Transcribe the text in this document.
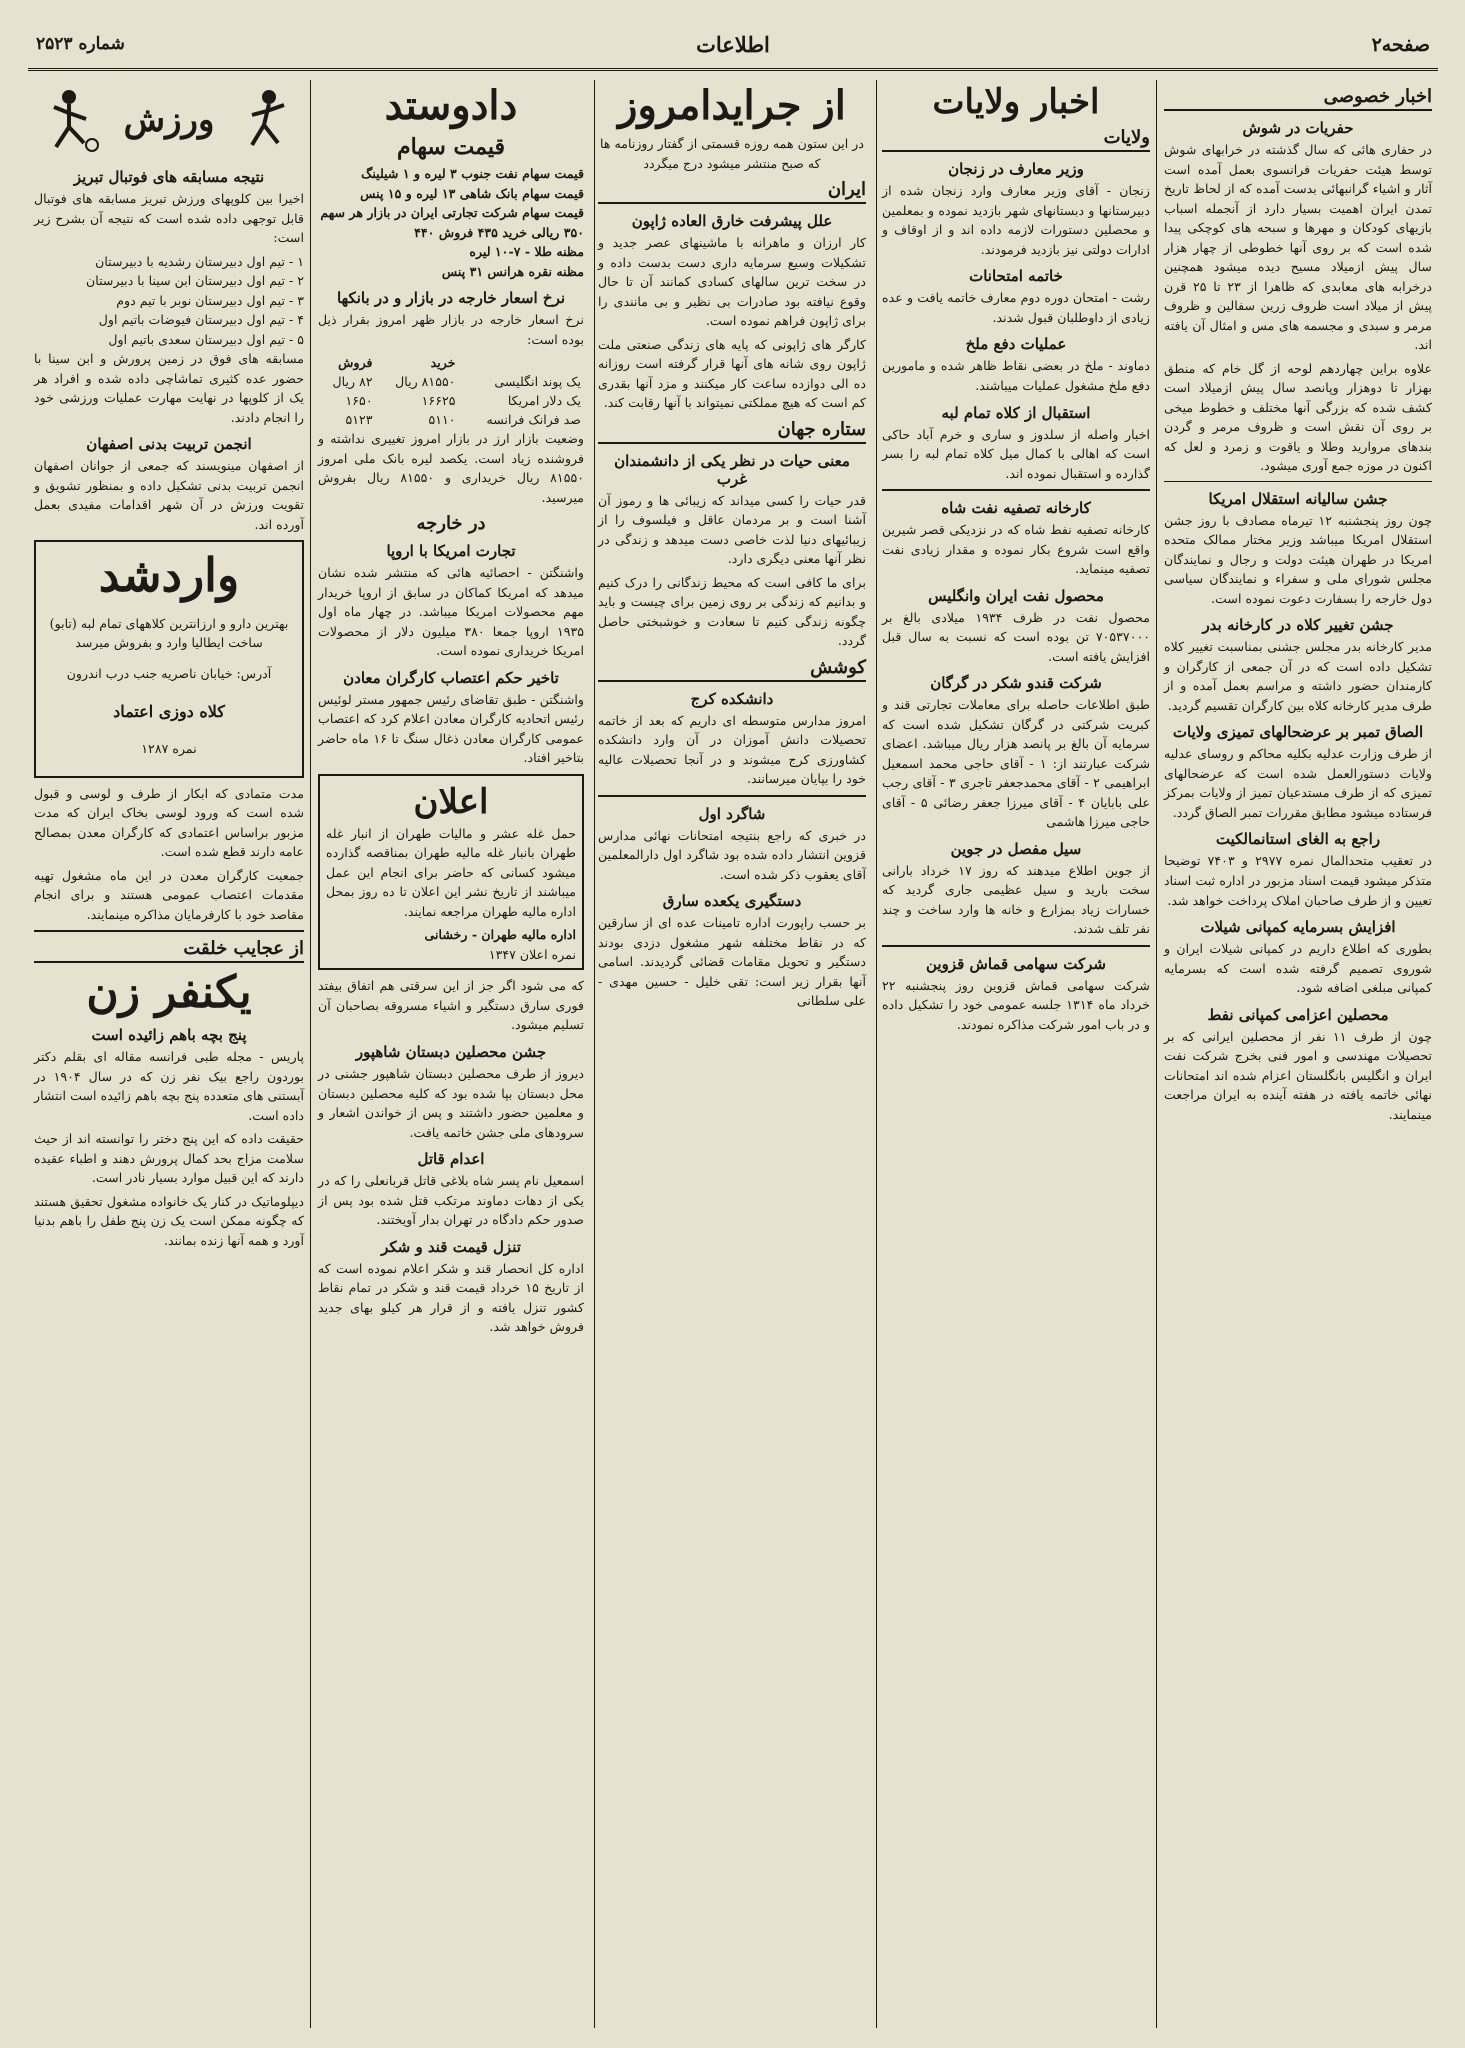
صفحه۲
اطلاعات
شماره ۲۵۲۳
اخبار خصوصی
حفریات در شوش

در حفاری هائی که سال گذشته در خرابهای شوش توسط هیئت حفریات فرانسوی بعمل آمده است آثار و اشیاء گرانبهائی بدست آمده که از لحاظ تاریخ تمدن ایران اهمیت بسیار دارد از آنجمله اسباب بازیهای کودکان و مهرها و سبحه های کوچکی پیدا شده است که بر روی آنها خطوطی از چهار هزار سال پیش ازمیلاد مسیح دیده میشود همچنین درخرابه های معابدی که ظاهرا از ۲۳ تا ۲۵ قرن پیش از میلاد است ظروف زرین سفالین و ظروف مرمر و سبدی و مجسمه های مس و امثال آن یافته اند.

علاوه براین چهاردهم لوحه از گل خام که منطق بهزار تا دوهزار وپانصد سال پیش ازمیلاد است کشف شده که بزرگی آنها مختلف و خطوط میخی بر روی آن نقش است و ظروف مرمر و گردن بندهای مروارید وطلا و یاقوت و زمرد و لعل که اکنون در موزه جمع آوری میشود.

جشن سالیانه استقلال امریکا

چون روز پنجشنبه ۱۲ تیرماه مصادف با روز جشن استقلال امریکا میباشد وزیر مختار ممالک متحده امریکا در طهران هیئت دولت و رجال و نمایندگان مجلس شورای ملی و سفراء و نمایندگان سیاسی دول خارجه را بسفارت دعوت نموده است.

جشن تغییر کلاه در کارخانه بدر

مدیر کارخانه بدر مجلس جشنی بمناسبت تغییر کلاه تشکیل داده است که در آن جمعی از کارگران و کارمندان حضور داشته و مراسم بعمل آمده و از طرف مدیر کارخانه کلاه بین کارگران تقسیم گردید.

الصاق تمبر بر عرضحالهای تمیزی ولایات

از طرف وزارت عدلیه بکلیه محاکم و روسای عدلیه ولایات دستورالعمل شده است که عرضحالهای تمیزی که از طرف مستدعیان تمیز از ولایات بمرکز فرستاده میشود مطابق مقررات تمبر الصاق گردد.

راجع به الغای استانمالکیت

در تعقیب متحدالمال نمره ۲۹۷۷ و ۷۴۰۳ توضیحا متذکر میشود قیمت اسناد مزبور در اداره ثبت اسناد تعیین و از طرف صاحبان املاک پرداخت خواهد شد.

افزایش بسرمایه کمپانی شیلات

بطوری که اطلاع داریم در کمپانی شیلات ایران و شوروی تصمیم گرفته شده است که بسرمایه کمپانی مبلغی اضافه شود.

محصلین اعزامی کمپانی نفط

چون از طرف ۱۱ نفر از محصلین ایرانی که بر تحصیلات مهندسی و امور فنی بخرج شرکت نفت ایران و انگلیس بانگلستان اعزام شده اند امتحانات نهائی خاتمه یافته در هفته آینده به ایران مراجعت مینمایند.

اخبار ولایات
ولایات
وزیر معارف در زنجان

زنجان - آقای وزیر معارف وارد زنجان شده از دبیرستانها و دبستانهای شهر بازدید نموده و بمعلمین و محصلین دستورات لازمه داده اند و از اوقاف و ادارات دولتی نیز بازدید فرمودند.

خاتمه امتحانات

رشت - امتحان دوره دوم معارف خاتمه یافت و عده زیادی از داوطلبان قبول شدند.

عملیات دفع ملخ

دماوند - ملخ در بعضی نقاط ظاهر شده و مامورین دفع ملخ مشغول عملیات میباشند.

استقبال از کلاه تمام لبه

اخبار واصله از سلدوز و ساری و خرم آباد حاکی است که اهالی با کمال میل کلاه تمام لبه را بسر گذارده و استقبال نموده اند.

کارخانه تصفیه نفت شاه

کارخانه تصفیه نفط شاه که در نزدیکی قصر شیرین واقع است شروع بکار نموده و مقدار زیادی نفت تصفیه مینماید.

محصول نفت ایران وانگلیس

محصول نفت در ظرف ۱۹۳۴ میلادی بالغ بر ۷۰۵۳۷۰۰۰ تن بوده است که نسبت به سال قبل افزایش یافته است.

شرکت قندو شکر در گرگان

طبق اطلاعات حاصله برای معاملات تجارتی قند و کبریت شرکتی در گرگان تشکیل شده است که سرمایه آن بالغ بر پانصد هزار ریال میباشد. اعضای شرکت عبارتند از: ۱ - آقای حاجی محمد اسمعیل ابراهیمی ۲ - آقای محمدجعفر تاجری ۳ - آقای رجب علی بابایان ۴ - آقای میرزا جعفر رضائی ۵ - آقای حاجی میرزا هاشمی

سیل مفصل در جوین

از جوین اطلاع میدهند که روز ۱۷ خرداد بارانی سخت بارید و سیل عظیمی جاری گردید که خسارات زیاد بمزارع و خانه ها وارد ساخت و چند نفر تلف شدند.

شرکت سهامی قماش قزوین

شرکت سهامی قماش قزوین روز پنجشنبه ۲۲ خرداد ماه ۱۳۱۴ جلسه عمومی خود را تشکیل داده و در باب امور شرکت مذاکره نمودند.

از جرایدامروز

در این ستون همه روزه قسمتی از گفتار روزنامه ها که صبح منتشر میشود درج میگردد

ایران
علل پیشرفت خارق العاده ژاپون

کار ارزان و ماهرانه با ماشینهای عصر جدید و تشکیلات وسیع سرمایه داری دست بدست داده و در سخت ترین سالهای کسادی کمانند آن تا حال وقوع نیافته بود صادرات بی نظیر و بی مانندی را برای ژاپون فراهم نموده است.

کارگر های ژاپونی که پایه های زندگی صنعتی ملت ژاپون روی شانه های آنها قرار گرفته است روزانه ده الی دوازده ساعت کار میکنند و مزد آنها بقدری کم است که هیچ مملکتی نمیتواند با آنها رقابت کند.

ستاره جهان
معنی حیات در نظر یکی از دانشمندان غرب

قدر حیات را کسی میداند که زیبائی ها و رموز آن آشنا است و بر مردمان عاقل و فیلسوف را از زیبائیهای دنیا لذت خاصی دست میدهد و زندگی در نظر آنها معنی دیگری دارد.

برای ما کافی است که محیط زندگانی را درک کنیم و بدانیم که زندگی بر روی زمین برای چیست و باید چگونه زندگی کنیم تا سعادت و خوشبختی حاصل گردد.

کوشش
دانشکده کرج

امروز مدارس متوسطه ای داریم که بعد از خاتمه تحصیلات دانش آموزان در آن وارد دانشکده کشاورزی کرج میشوند و در آنجا تحصیلات عالیه خود را بپایان میرسانند.

شاگرد اول

در خبری که راجع بنتیجه امتحانات نهائی مدارس قزوین انتشار داده شده بود شاگرد اول دارالمعلمین آقای یعقوب ذکر شده است.

دستگیری یکعده سارق

بر حسب راپورت اداره تامینات عده ای از سارقین که در نقاط مختلفه شهر مشغول دزدی بودند دستگیر و تحویل مقامات قضائی گردیدند. اسامی آنها بقرار زیر است: تقی خلیل - حسین مهدی - علی سلطانی

دادوستد
قیمت سهام

قیمت سهام نفت جنوب ۳ لیره و ۱ شیلینگ

قیمت سهام بانک شاهی ۱۳ لیره و ۱۵ پنس

قیمت سهام شرکت تجارتی ایران در بازار هر سهم ۳۵۰ ریالی خرید ۴۳۵ فروش ۴۴۰

مظنه طلا - ۷-۱۰ لیره

مظنه نقره هرانس ۳۱ پنس

نرخ اسعار خارجه در بازار و در بانکها

نرخ اسعار خارجه در بازار ظهر امروز بقرار ذیل بوده است:

	خرید	فروش
یک پوند انگلیسی	۸۱۵۵۰ ریال	۸۲ ریال
یک دلار امریکا	۱۶۶۲۵	۱۶۵۰
صد فرانک فرانسه	۵۱۱۰	۵۱۲۳

وضعیت بازار ارز در بازار امروز تغییری نداشته و فروشنده زیاد است. یکصد لیره بانک ملی امروز ۸۱۵۵۰ ریال خریداری و ۸۱۵۵۰ ریال بفروش میرسید.

در خارجه
تجارت امریکا با اروپا

واشنگتن - احصائیه هائی که منتشر شده نشان میدهد که امریکا کماکان در سابق از اروپا خریدار مهم محصولات امریکا میباشد. در چهار ماه اول ۱۹۳۵ اروپا جمعا ۳۸۰ میلیون دلار از محصولات امریکا خریداری نموده است.

تاخیر حکم اعتصاب کارگران معادن

واشنگتن - طبق تقاضای رئیس جمهور مستر لوئیس رئیس اتحادیه کارگران معادن اعلام کرد که اعتصاب عمومی کارگران معادن ذغال سنگ تا ۱۶ ماه حاضر بتاخیر افتاد.

اعلان

حمل غله عشر و مالیات طهران از انبار غله طهران بانبار غله مالیه طهران بمناقصه گذارده میشود کسانی که حاضر برای انجام این عمل میباشند از تاریخ نشر این اعلان تا ده روز بمحل اداره مالیه طهران مراجعه نمایند.

اداره مالیه طهران - رخشانی

نمره اعلان ۱۳۴۷

که می شود اگر جز از این سرقتی هم اتفاق بیفتد فوری سارق دستگیر و اشیاء مسروقه بصاحبان آن تسلیم میشود.

جشن محصلین دبستان شاهپور

دیروز از طرف محصلین دبستان شاهپور جشنی در محل دبستان بپا شده بود که کلیه محصلین دبستان و معلمین حضور داشتند و پس از خواندن اشعار و سرودهای ملی جشن خاتمه یافت.

اعدام قاتل

اسمعیل نام پسر شاه بلاغی قاتل قربانعلی را که در یکی از دهات دماوند مرتکب قتل شده بود پس از صدور حکم دادگاه در تهران بدار آویختند.

تنزل قیمت قند و شکر

اداره کل انحصار قند و شکر اعلام نموده است که از تاریخ ۱۵ خرداد قیمت قند و شکر در تمام نقاط کشور تنزل یافته و از قرار هر کیلو بهای جدید فروش خواهد شد.

ورزش
نتیجه مسابقه های فوتبال تبریز

اخیرا بین کلوپهای ورزش تبریز مسابقه های فوتبال قابل توجهی داده شده است که نتیجه آن بشرح زیر است:

۱ - تیم اول دبیرستان رشدیه با دبیرستان

۲ - تیم اول دبیرستان ابن سینا با دبیرستان

۳ - تیم اول دبیرستان نوبر با تیم دوم

۴ - تیم اول دبیرستان فیوضات باتیم اول

۵ - تیم اول دبیرستان سعدی باتیم اول

مسابقه های فوق در زمین پرورش و ابن سینا با حضور عده کثیری تماشاچی داده شده و افراد هر یک از کلوپها در نهایت مهارت عملیات ورزشی خود را انجام دادند.

انجمن تربیت بدنی اصفهان

از اصفهان مینویسند که جمعی از جوانان اصفهان انجمن تربیت بدنی تشکیل داده و بمنظور تشویق و تقویت ورزش در آن شهر اقدامات مفیدی بعمل آورده اند.

واردشد

بهترین دارو و ارزانترین کلاههای تمام لبه (تابو) ساخت ایطالیا وارد و بفروش میرسد

آدرس: خیابان ناصریه جنب درب اندرون

کلاه دوزی اعتماد

نمره ۱۲۸۷

مدت متمادی که ابکار از طرف و لوسی و قبول شده است که ورود لوسی بخاک ایران که مدت مزبور براساس اعتمادی که کارگران معدن بمصالح عامه دارند قطع شده است.

جمعیت کارگران معدن در این ماه مشغول تهیه مقدمات اعتصاب عمومی هستند و برای انجام مقاصد خود با کارفرمایان مذاکره مینمایند.

از عجایب خلقت
یکنفر زن
پنج بچه باهم زائیده است

پاریس - مجله طبی فرانسه مقاله ای بقلم دکتر بوردون راجع بیک نفر زن که در سال ۱۹۰۴ در آبستنی های متعدده پنج بچه باهم زائیده است انتشار داده است.

حقیقت داده که این پنج دختر را توانسته اند از حیث سلامت مزاج بحد کمال پرورش دهند و اطباء عقیده دارند که این قبیل موارد بسیار نادر است.

دیپلوماتیک در کنار یک خانواده مشغول تحقیق هستند که چگونه ممکن است یک زن پنج طفل را باهم بدنیا آورد و همه آنها زنده بمانند.
